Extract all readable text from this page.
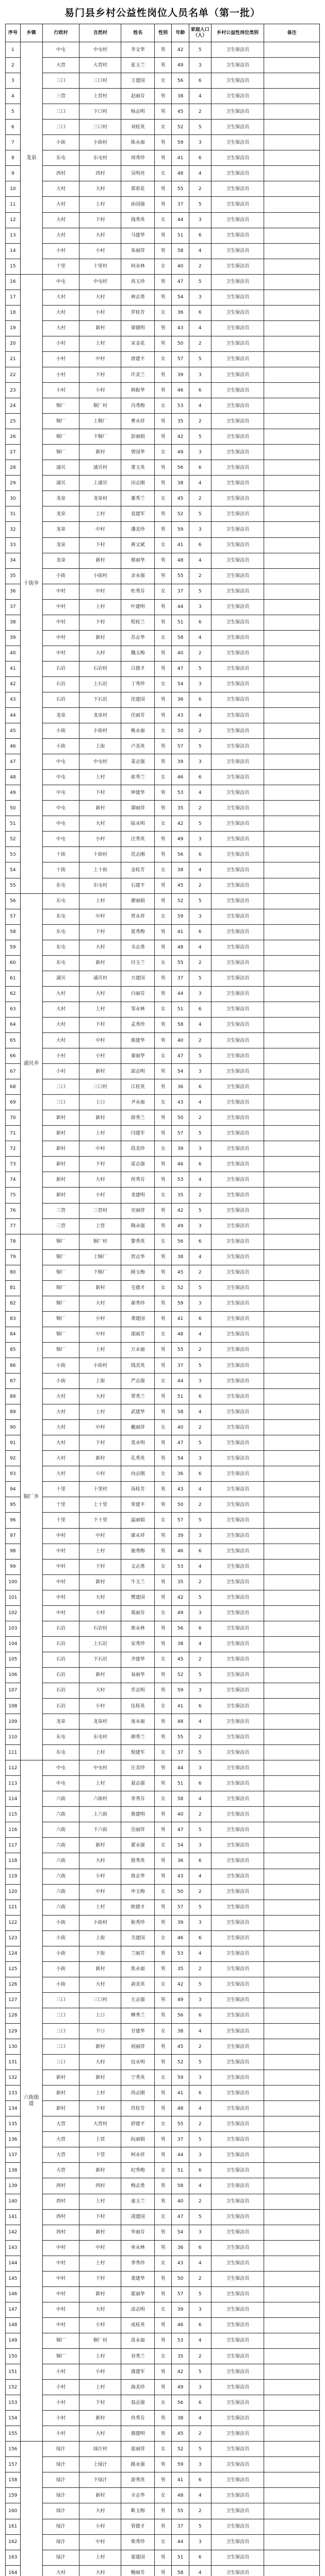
易门县乡村公益性岗位人员名单（第一批）
序号	乡镇	行政村	自然村	姓名	性别	年龄	家庭人口（人）	乡村公益性岗位类别	备注
1	龙泉	中屯	中屯村	李文华	男	42	5	卫生保洁员	
2		大营	大营村	张玉兰	男	49	3	卫生保洁员	
3		三口	三口村	王建国	女	56	6	卫生保洁员	
4		三营	上营村	赵丽芬	男	38	4	卫生保洁员	
5		三口	下口村	杨志明	男	45	2	卫生保洁员	
6		三口	三口村	刘桂英	女	52	5	卫生保洁员	
7		小街	小街村	陈永福	男	59	3	卫生保洁员	
8		东屯	东屯村	周秀珍	男	41	6	卫生保洁员	
9		西村	西村	吴明亮	女	48	4	卫生保洁员	
10		大村	大村	郑春花	男	55	2	卫生保洁员	
11		大村	上村	孙国强	男	37	5	卫生保洁员	
12		大村	下村	钱秀英	女	44	3	卫生保洁员	
13		大村	大村	马建华	男	51	6	卫生保洁员	
14		小村	小村	朱丽萍	男	58	4	卫生保洁员	
15		十里	十里村	何永林	女	40	2	卫生保洁员	
16	十街乡	中屯	中屯村	高玉珍	男	47	5	卫生保洁员	
17		大村	大村	林志勇	男	54	3	卫生保洁员	
18		大村	小村	罗桂芳	女	36	6	卫生保洁员	
19		大村	新村	梁德明	男	43	4	卫生保洁员	
20		小村	上村	宋金花	男	50	2	卫生保洁员	
21		小村	中村	唐建平	女	57	5	卫生保洁员	
22		小村	下村	许美兰	男	39	3	卫生保洁员	
23		小村	小村	韩振华	男	46	6	卫生保洁员	
24		铜厂	铜厂村	冯秀梅	女	53	4	卫生保洁员	
25		铜厂	上铜厂	曹永祥	男	35	2	卫生保洁员	
26		铜厂	下铜厂	彭丽娟	男	42	5	卫生保洁员	
27		铜厂	新村	曾国华	女	49	3	卫生保洁员	
28		浦贝	浦贝村	萧玉英	男	56	6	卫生保洁员	
29		浦贝	上浦贝	田志刚	男	38	4	卫生保洁员	
30		龙泉	龙泉村	董秀兰	女	45	2	卫生保洁员	
31		龙泉	上村	袁建军	男	52	5	卫生保洁员	
32		龙泉	中村	潘美珍	男	59	3	卫生保洁员	
33		龙泉	下村	蒋文斌	女	41	6	卫生保洁员	
34		龙泉	新村	蔡丽华	男	48	4	卫生保洁员	
35		小街	小街村	余永强	男	55	2	卫生保洁员	
36		中村	中村	杜秀芬	女	37	5	卫生保洁员	
37		中村	上村	叶建明	男	44	3	卫生保洁员	
38		中村	下村	程桂兰	男	51	6	卫生保洁员	
39		中村	新村	苏志华	女	58	4	卫生保洁员	
40		中村	大村	魏玉梅	男	40	2	卫生保洁员	
41		石岩	石岩村	吕德才	男	47	5	卫生保洁员	
42		石岩	上石岩	丁秀珍	女	54	3	卫生保洁员	
43		石岩	下石岩	沈建国	男	36	6	卫生保洁员	
44		龙泉	龙泉村	任丽芳	男	43	4	卫生保洁员	
45		小街	小街村	姚永福	女	50	2	卫生保洁员	
46		小街	上街	卢美英	男	57	5	卫生保洁员	
47		中屯	中屯村	姜志强	男	39	3	卫生保洁员	
48		中屯	上村	崔秀兰	女	46	6	卫生保洁员	
49		中屯	下村	钟建华	男	53	4	卫生保洁员	
50		中屯	新村	谭丽萍	男	35	2	卫生保洁员	
51		中屯	大村	陆永明	女	42	5	卫生保洁员	
52		中屯	小村	汪秀英	男	49	3	卫生保洁员	
53		十街	十街村	范志刚	男	56	6	卫生保洁员	
54		十街	上十街	金桂芳	女	38	4	卫生保洁员	
55		东屯	东屯村	石建平	男	45	2	卫生保洁员	
56	浦贝乡	东屯	上村	廖丽娟	男	52	5	卫生保洁员	
57		东屯	中村	贾永祥	女	59	3	卫生保洁员	
58		东屯	下村	夏秀梅	男	41	6	卫生保洁员	
59		东屯	大村	韦志勇	男	48	4	卫生保洁员	
60		东屯	新村	付玉兰	女	55	2	卫生保洁员	
61		浦贝	浦贝村	方建国	男	37	5	卫生保洁员	
62		大村	大村	白丽芬	男	44	3	卫生保洁员	
63		大村	上村	邹永林	女	51	6	卫生保洁员	
64		大村	下村	孟秀珍	男	58	4	卫生保洁员	
65		大村	中村	熊建华	男	40	2	卫生保洁员	
66		小村	小村	秦丽华	女	47	5	卫生保洁员	
67		小村	新村	邱志明	男	54	3	卫生保洁员	
68		三口	三口村	江桂英	男	36	6	卫生保洁员	
69		三口	上口	尹永福	女	43	4	卫生保洁员	
70		新村	新村	薛秀兰	男	50	2	卫生保洁员	
71		新村	上村	闫建军	男	57	5	卫生保洁员	
72		新村	中村	段美珍	女	39	3	卫生保洁员	
73		新村	下村	雷志强	男	46	6	卫生保洁员	
74		新村	大村	侯秀芬	男	53	4	卫生保洁员	
75		新村	小村	龙建明	女	35	2	卫生保洁员	
76		三营	三营村	史丽萍	男	42	5	卫生保洁员	
77		三营	上营	陶永强	男	49	3	卫生保洁员	
78	铜厂乡	铜厂	铜厂村	黎秀英	女	56	6	卫生保洁员	
79		铜厂	上铜厂	贺志华	男	38	4	卫生保洁员	
80		铜厂	下铜厂	顾玉梅	男	45	2	卫生保洁员	
81		铜厂	新村	毛德才	女	52	5	卫生保洁员	
82		铜厂	大村	郝秀珍	男	59	3	卫生保洁员	
83		铜厂	小村	龚建国	男	41	6	卫生保洁员	
84		铜厂	中村	邵丽芳	女	48	4	卫生保洁员	
85		铜厂	上村	万永福	男	55	2	卫生保洁员	
86		小街	小街村	钱美英	男	37	5	卫生保洁员	
87		小街	上街	严志强	女	44	3	卫生保洁员	
88		大村	大村	覃秀兰	男	51	6	卫生保洁员	
89		大村	上村	武建华	男	58	4	卫生保洁员	
90		大村	中村	戴丽萍	女	40	2	卫生保洁员	
91		大村	下村	莫永明	男	47	5	卫生保洁员	
92		大村	新村	孔秀英	男	54	3	卫生保洁员	
93		大村	小村	向志刚	女	36	6	卫生保洁员	
94		十里	十里村	汤桂芳	男	43	4	卫生保洁员	
95		十里	上十里	常建平	男	50	2	卫生保洁员	
96		十里	下十里	温丽娟	女	57	5	卫生保洁员	
97		中村	中村	康永祥	男	39	3	卫生保洁员	
98		中村	上村	施秀梅	男	46	6	卫生保洁员	
99		中村	下村	文志勇	女	53	4	卫生保洁员	
100		中村	新村	牛玉兰	男	35	2	卫生保洁员	
101		中村	大村	樊建国	男	42	5	卫生保洁员	
102		中村	小村	葛丽芬	女	49	3	卫生保洁员	
103		石岩	石岩村	邢永林	男	56	6	卫生保洁员	
104		石岩	上石岩	安秀珍	男	38	4	卫生保洁员	
105		石岩	下石岩	齐建华	女	45	2	卫生保洁员	
106		石岩	新村	易丽华	男	52	5	卫生保洁员	
107		石岩	大村	乔志明	男	59	3	卫生保洁员	
108		石岩	小村	伍桂英	女	41	6	卫生保洁员	
109		龙泉	龙泉村	庞永福	男	48	4	卫生保洁员	
110		东屯	东屯村	颜秀兰	男	55	2	卫生保洁员	
111		东屯	上村	倪建军	女	37	5	卫生保洁员	
112	六街街道	中屯	中屯村	庄美珍	男	44	3	卫生保洁员	
113		中屯	上村	聂志强	男	51	6	卫生保洁员	
114		六街	六街村	章秀芬	女	58	4	卫生保洁员	
115		六街	上六街	鲁建明	男	40	2	卫生保洁员	
116		六街	下六街	岳丽萍	男	47	5	卫生保洁员	
117		六街	新村	翟永强	女	54	3	卫生保洁员	
118		六街	大村	殷秀英	男	36	6	卫生保洁员	
119		六街	小村	詹志华	男	43	4	卫生保洁员	
120		六街	中村	申玉梅	女	50	2	卫生保洁员	
121		六街	上村	欧德才	男	57	5	卫生保洁员	
122		小街	小街村	耿秀珍	男	39	3	卫生保洁员	
123		小街	上街	关建国	女	46	6	卫生保洁员	
124		小街	下街	兰丽芳	男	53	4	卫生保洁员	
125		小街	新村	焦永福	男	35	2	卫生保洁员	
126		小街	大村	俞美英	女	42	5	卫生保洁员	
127		三口	三口村	左志强	男	49	3	卫生保洁员	
128		三口	上口	柳秀兰	男	56	6	卫生保洁员	
129		三口	下口	甘建华	女	38	4	卫生保洁员	
130		三口	新村	祝丽萍	男	45	2	卫生保洁员	
131		三口	大村	包永明	男	52	5	卫生保洁员	
132		新村	新村	宁秀英	女	59	3	卫生保洁员	
133		新村	上村	尚志刚	男	41	6	卫生保洁员	
134		新村	下村	符桂芳	男	48	4	卫生保洁员	
135		大营	大营村	舒建平	女	55	2	卫生保洁员	
136		大营	上营	阮丽娟	男	37	5	卫生保洁员	
137		大营	下营	柯永祥	男	44	3	卫生保洁员	
138		大营	新村	纪秀梅	女	51	6	卫生保洁员	
139		西村	西村	梅志勇	男	58	4	卫生保洁员	
140		西村	上村	童玉兰	男	40	2	卫生保洁员	
141		西村	下村	凌建国	女	47	5	卫生保洁员	
142		西村	新村	毕丽芬	男	54	3	卫生保洁员	
143		中村	中村	单永林	男	36	6	卫生保洁员	
144		中村	上村	季秀珍	女	43	4	卫生保洁员	
145		中村	下村	裴建华	男	50	2	卫生保洁员	
146		中村	新村	霍丽华	男	57	5	卫生保洁员	
147		中村	大村	涂志明	女	39	3	卫生保洁员	
148		中村	小村	成桂英	男	46	6	卫生保洁员	
149		铜厂	铜厂村	苗永福	男	53	4	卫生保洁员	
150		铜厂	上村	谷秀兰	女	35	2	卫生保洁员	
151		小村	小村	盛建军	男	42	5	卫生保洁员	
152		小村	上村	曲美珍	男	49	3	卫生保洁员	
153		小村	下村	翁志强	女	56	6	卫生保洁员	
154		小村	新村	冉秀芬	男	38	4	卫生保洁员	
155		小村	大村	骆建明	男	45	2	卫生保洁员	
156		绿汁	绿汁村	蓝丽萍	女	52	5	卫生保洁员	
157		绿汁	上绿汁	路永强	男	59	3	卫生保洁员	
158		绿汁	下绿汁	游秀英	男	41	6	卫生保洁员	
159		绿汁	新村	辛志华	女	48	4	卫生保洁员	
160		绿汁	大村	靳玉梅	男	55	2	卫生保洁员	
161		绿汁	小村	管德才	男	37	5	卫生保洁员	
162		绿汁	中村	柴秀珍	女	44	3	卫生保洁员	
163		绿汁	上村	蒙建国	男	51	6	卫生保洁员	
164		大村	大村	鲍丽芳	男	58	4	卫生保洁员	
